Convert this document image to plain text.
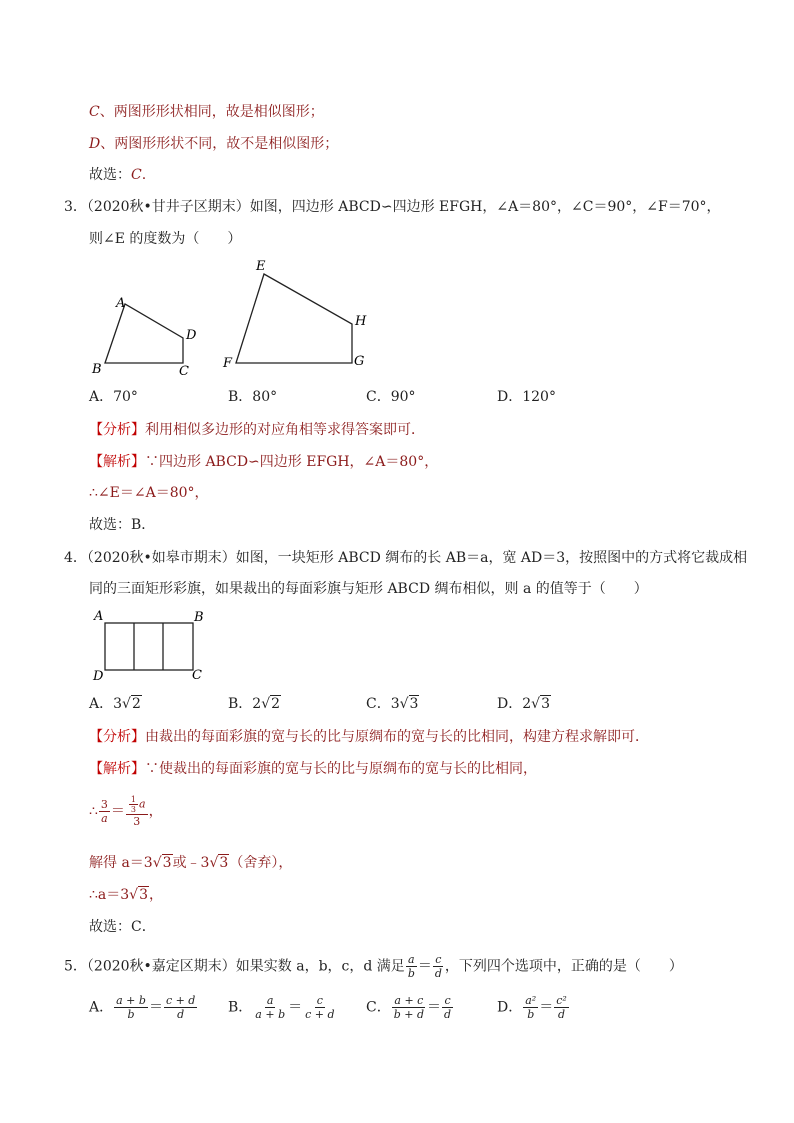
C、两图形形状相同，故是相似图形；
D、两图形形状不同，故不是相似图形；
故选：C.
3．（2020秋•甘井子区期末）如图，四边形 ABCD∽四边形 EFGH，∠A＝80°，∠C＝90°，∠F＝70°，
则∠E 的度数为（　　）
A
B	C
D
E
F	G
H
A．70°	B．80°	C．90°	D．120°
【分析】利用相似多边形的对应角相等求得答案即可．
【解析】∵四边形 ABCD∽四边形 EFGH，∠A＝80°，
∴∠E＝∠A＝80°，
故选：B．
4．（2020秋•如皋市期末）如图，一块矩形 ABCD 绸布的长 AB＝a，宽 AD＝3，按照图中的方式将它裁成相
同的三面矩形彩旗，如果裁出的每面彩旗与矩形 ABCD 绸布相似，则 a 的值等于（　　）
A	B
C
D
A．3√2	B．2√2	C．3√3	D．2√3
【分析】由裁出的每面彩旗的宽与长的比与原绸布的宽与长的比相同，构建方程求解即可．
【解析】∵使裁出的每面彩旗的宽与长的比与原绸布的宽与长的比相同，
∴ $\frac{3}{a} = \frac{\frac{1}{3} a}{3}$ ，
解得 a＝3√3或﹣3√3（舍弃），
∴a＝3√3，
故选：C．
5．（2020秋•嘉定区期末）如果实数 a，b，c，d 满足 $\frac{a}{b} = \frac{c}{d}$ ，下列四个选项中，正确的是（　　）
A． $\frac{a + b}{b} = \frac{c + d}{d}$ B． $\frac{a}{a + b} = \frac{c}{c + d}$ C． $\frac{a + c}{b + d} = \frac{c}{d}$	D． $\frac{\text{a²}}{b} = \frac{\text{c²}}{d}$
